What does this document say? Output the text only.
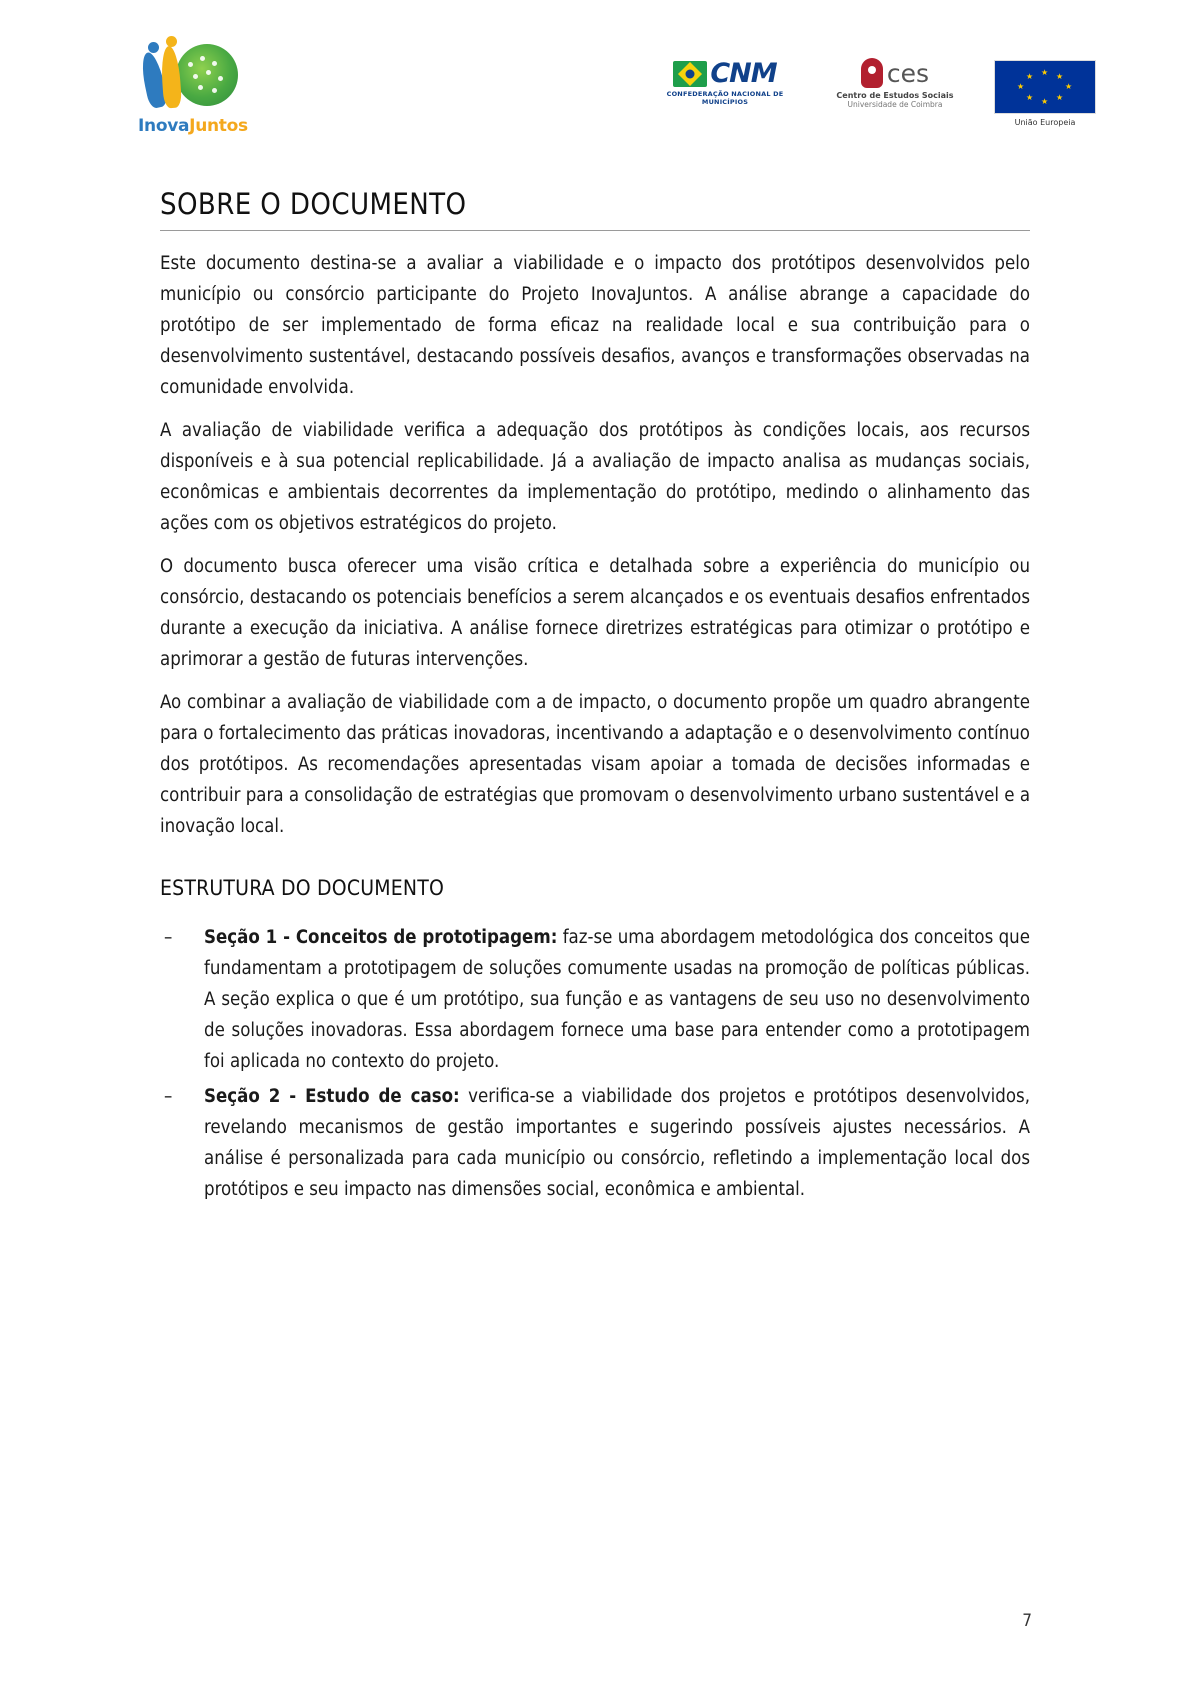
InovaJuntos
CNM
CONFEDERAÇÃO NACIONAL DE MUNICÍPIOS
ces
Centro de Estudos Sociais
Universidade de Coimbra
★ ★
★
★
★
★
★
★
União Europeia
SOBRE O DOCUMENTO

Este documento destina-se a avaliar a viabilidade e o impacto dos protótipos desenvolvidos pelo município ou consórcio participante do Projeto InovaJuntos. A análise abrange a capacidade do protótipo de ser implementado de forma eficaz na realidade local e sua contribuição para o desenvolvimento sustentável, destacando possíveis desafios, avanços e transformações observadas na comunidade envolvida.

A avaliação de viabilidade verifica a adequação dos protótipos às condições locais, aos recursos disponíveis e à sua potencial replicabilidade. Já a avaliação de impacto analisa as mudanças sociais, econômicas e ambientais decorrentes da implementação do protótipo, medindo o alinhamento das ações com os objetivos estratégicos do projeto.

O documento busca oferecer uma visão crítica e detalhada sobre a experiência do município ou consórcio, destacando os potenciais benefícios a serem alcançados e os eventuais desafios enfrentados durante a execução da iniciativa. A análise fornece diretrizes estratégicas para otimizar o protótipo e aprimorar a gestão de futuras intervenções.

Ao combinar a avaliação de viabilidade com a de impacto, o documento propõe um quadro abrangente para o fortalecimento das práticas inovadoras, incentivando a adaptação e o desenvolvimento contínuo dos protótipos. As recomendações apresentadas visam apoiar a tomada de decisões informadas e contribuir para a consolidação de estratégias que promovam o desenvolvimento urbano sustentável e a inovação local.

ESTRUTURA DO DOCUMENTO
– Seção 1 - Conceitos de prototipagem: faz-se uma abordagem metodológica dos conceitos que fundamentam a prototipagem de soluções comumente usadas na promoção de políticas públicas. A seção explica o que é um protótipo, sua função e as vantagens de seu uso no desenvolvimento de soluções inovadoras. Essa abordagem fornece uma base para entender como a prototipagem foi aplicada no contexto do projeto.
– Seção 2 - Estudo de caso: verifica-se a viabilidade dos projetos e protótipos desenvolvidos, revelando mecanismos de gestão importantes e sugerindo possíveis ajustes necessários. A análise é personalizada para cada município ou consórcio, refletindo a implementação local dos protótipos e seu impacto nas dimensões social, econômica e ambiental.
7
